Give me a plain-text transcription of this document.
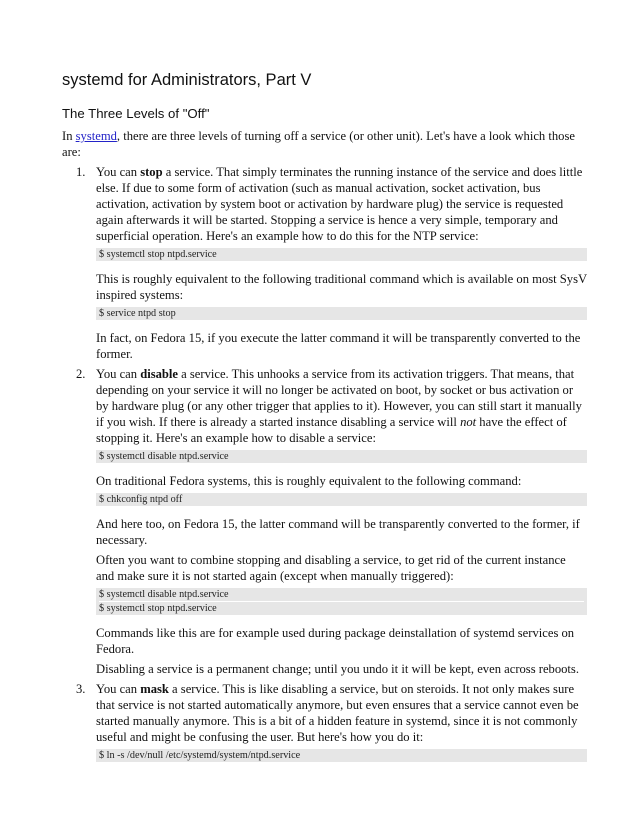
systemd for Administrators, Part V
The Three Levels of "Off"

In systemd, there are three levels of turning off a service (or other unit). Let's have a look which those are:

1. You can stop a service. That simply terminates the running instance of the service and does little else. If due to some form of activation (such as manual activation, socket activation, bus activation, activation by system boot or activation by hardware plug) the service is requested again afterwards it will be started. Stopping a service is hence a very simple, temporary and superficial operation. Here's an example how to do this for the NTP service:

$ systemctl stop ntpd.service

This is roughly equivalent to the following traditional command which is available on most SysV inspired systems:

$ service ntpd stop

In fact, on Fedora 15, if you execute the latter command it will be transparently converted to the former.

2. You can disable a service. This unhooks a service from its activation triggers. That means, that depending on your service it will no longer be activated on boot, by socket or bus activation or by hardware plug (or any other trigger that applies to it). However, you can still start it manually if you wish. If there is already a started instance disabling a service will not have the effect of stopping it. Here's an example how to disable a service:

$ systemctl disable ntpd.service

On traditional Fedora systems, this is roughly equivalent to the following command:

$ chkconfig ntpd off

And here too, on Fedora 15, the latter command will be transparently converted to the former, if necessary.

Often you want to combine stopping and disabling a service, to get rid of the current instance and make sure it is not started again (except when manually triggered):

$ systemctl disable ntpd.service
$ systemctl stop ntpd.service

Commands like this are for example used during package deinstallation of systemd services on Fedora.

Disabling a service is a permanent change; until you undo it it will be kept, even across reboots.

3. You can mask a service. This is like disabling a service, but on steroids. It not only makes sure that service is not started automatically anymore, but even ensures that a service cannot even be started manually anymore. This is a bit of a hidden feature in systemd, since it is not commonly useful and might be confusing the user. But here's how you do it:

$ ln -s /dev/null /etc/systemd/system/ntpd.service
